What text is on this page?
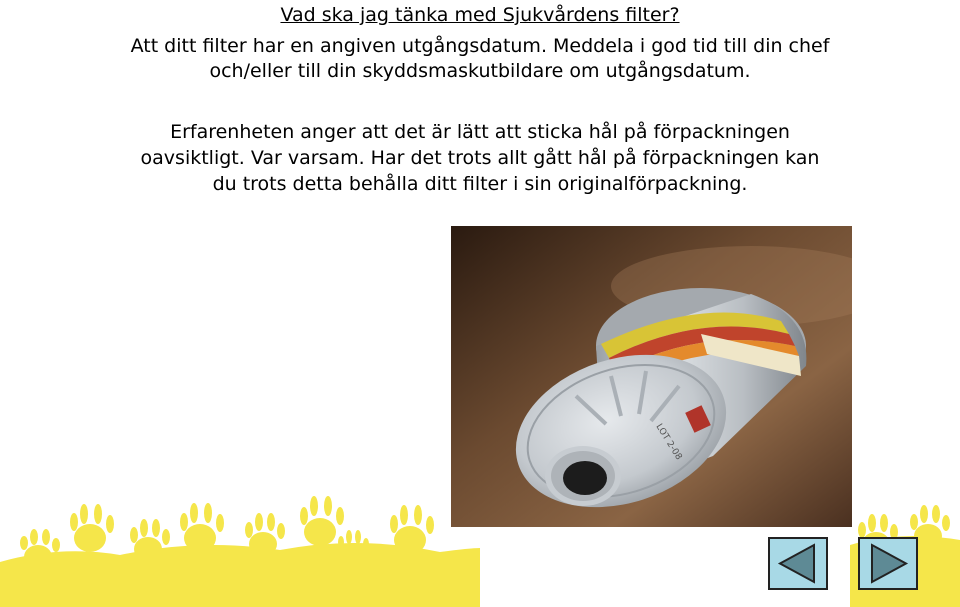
Vad ska jag tänka med Sjukvårdens filter?
Att ditt filter har en angiven utgångsdatum. Meddela i god tid till din chef
och/eller till din skyddsmaskutbildare om utgångsdatum.
Erfarenheten anger att det är lätt att sticka hål på förpackningen
oavsiktligt. Var varsam. Har det trots allt gått hål på förpackningen kan
du trots detta behålla ditt filter i sin originalförpackning.
LOT 2-08
